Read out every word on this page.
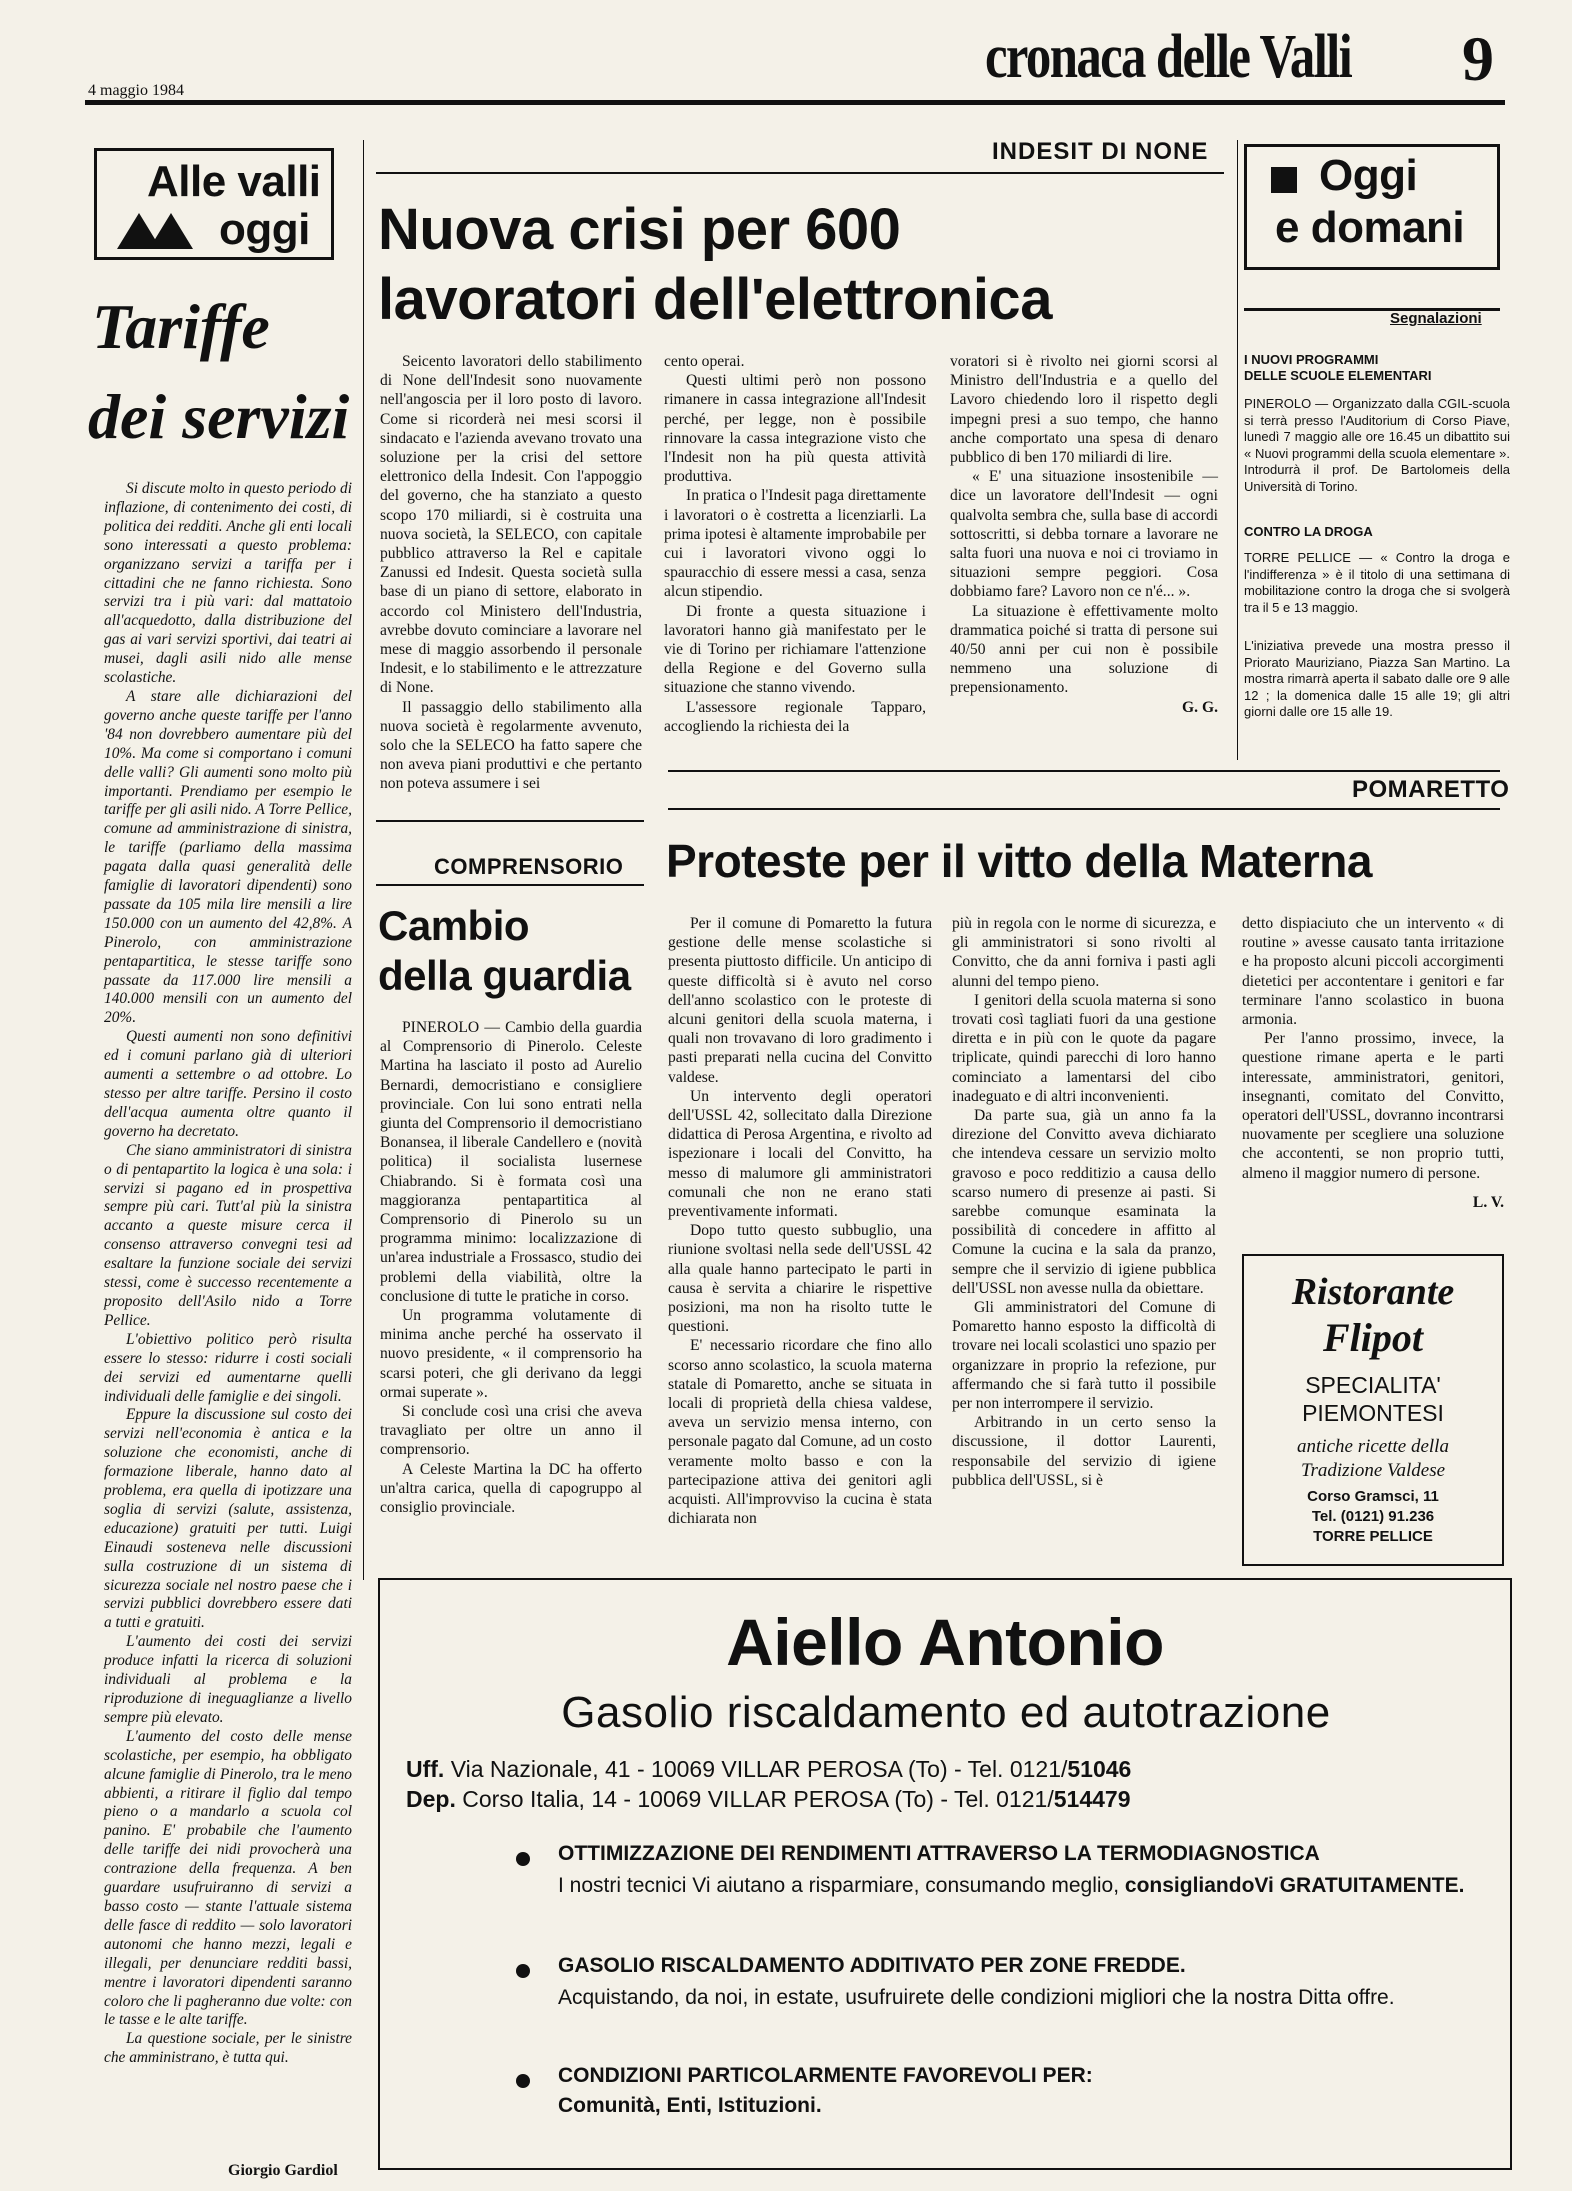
4 maggio 1984	cronaca delle Valli 9
Alle valli
oggi
Tariffe
dei servizi

Si discute molto in questo periodo di inflazione, di contenimento dei costi, di politica dei redditi. Anche gli enti locali sono interessati a questo problema: organizzano servizi a tariffa per i cittadini che ne fanno richiesta. Sono servizi tra i più vari: dal mattatoio all'acquedotto, dalla distribuzione del gas ai vari servizi sportivi, dai teatri ai musei, dagli asili nido alle mense scolastiche.

A stare alle dichiarazioni del governo anche queste tariffe per l'anno '84 non dovrebbero aumentare più del 10%. Ma come si comportano i comuni delle valli? Gli aumenti sono molto più importanti. Prendiamo per esempio le tariffe per gli asili nido. A Torre Pellice, comune ad amministrazione di sinistra, le tariffe (parliamo della massima pagata dalla quasi generalità delle famiglie di lavoratori dipendenti) sono passate da 105 mila lire mensili a lire 150.000 con un aumento del 42,8%. A Pinerolo, con amministrazione pentapartitica, le stesse tariffe sono passate da 117.000 lire mensili a 140.000 mensili con un aumento del 20%.

Questi aumenti non sono definitivi ed i comuni parlano già di ulteriori aumenti a settembre o ad ottobre. Lo stesso per altre tariffe. Persino il costo dell'acqua aumenta oltre quanto il governo ha decretato.

Che siano amministratori di sinistra o di pentapartito la logica è una sola: i servizi si pagano ed in prospettiva sempre più cari. Tutt'al più la sinistra accanto a queste misure cerca il consenso attraverso convegni tesi ad esaltare la funzione sociale dei servizi stessi, come è successo recentemente a proposito dell'Asilo nido a Torre Pellice.

L'obiettivo politico però risulta essere lo stesso: ridurre i costi sociali dei servizi ed aumentarne quelli individuali delle famiglie e dei singoli.

Eppure la discussione sul costo dei servizi nell'economia è antica e la soluzione che economisti, anche di formazione liberale, hanno dato al problema, era quella di ipotizzare una soglia di servizi (salute, assistenza, educazione) gratuiti per tutti. Luigi Einaudi sosteneva nelle discussioni sulla costruzione di un sistema di sicurezza sociale nel nostro paese che i servizi pubblici dovrebbero essere dati a tutti e gratuiti.

L'aumento dei costi dei servizi produce infatti la ricerca di soluzioni individuali al problema e la riproduzione di ineguaglianze a livello sempre più elevato.

L'aumento del costo delle mense scolastiche, per esempio, ha obbligato alcune famiglie di Pinerolo, tra le meno abbienti, a ritirare il figlio dal tempo pieno o a mandarlo a scuola col panino. E' probabile che l'aumento delle tariffe dei nidi provocherà una contrazione della frequenza. A ben guardare usufruiranno di servizi a basso costo — stante l'attuale sistema delle fasce di reddito — solo lavoratori autonomi che hanno mezzi, legali e illegali, per denunciare redditi bassi, mentre i lavoratori dipendenti saranno coloro che li pagheranno due volte: con le tasse e le alte tariffe.

La questione sociale, per le sinistre che amministrano, è tutta qui.

Giorgio Gardiol
INDESIT DI NONE
Nuova crisi per 600
lavoratori dell'elettronica

Seicento lavoratori dello stabilimento di None dell'Indesit sono nuovamente nell'angoscia per il loro posto di lavoro. Come si ricorderà nei mesi scorsi il sindacato e l'azienda avevano trovato una soluzione per la crisi del settore elettronico della Indesit. Con l'appoggio del governo, che ha stanziato a questo scopo 170 miliardi, si è costruita una nuova società, la SELECO, con capitale pubblico attraverso la Rel e capitale Zanussi ed Indesit. Questa società sulla base di un piano di settore, elaborato in accordo col Ministero dell'Industria, avrebbe dovuto cominciare a lavorare nel mese di maggio assorbendo il personale Indesit, e lo stabilimento e le attrezzature di None.

Il passaggio dello stabilimento alla nuova società è regolarmente avvenuto, solo che la SELECO ha fatto sapere che non aveva piani produttivi e che pertanto non poteva assumere i sei

cento operai.

Questi ultimi però non possono rimanere in cassa integrazione all'Indesit perché, per legge, non è possibile rinnovare la cassa integrazione visto che l'Indesit non ha più questa attività produttiva.

In pratica o l'Indesit paga direttamente i lavoratori o è costretta a licenziarli. La prima ipotesi è altamente improbabile per cui i lavoratori vivono oggi lo spauracchio di essere messi a casa, senza alcun stipendio.

Di fronte a questa situazione i lavoratori hanno già manifestato per le vie di Torino per richiamare l'attenzione della Regione e del Governo sulla situazione che stanno vivendo.

L'assessore regionale Tapparo, accogliendo la richiesta dei la

voratori si è rivolto nei giorni scorsi al Ministro dell'Industria e a quello del Lavoro chiedendo loro il rispetto degli impegni presi a suo tempo, che hanno anche comportato una spesa di denaro pubblico di ben 170 miliardi di lire.

« E' una situazione insostenibile — dice un lavoratore dell'Indesit — ogni qualvolta sembra che, sulla base di accordi sottoscritti, si debba tornare a lavorare ne salta fuori una nuova e noi ci troviamo in situazioni sempre peggiori. Cosa dobbiamo fare? Lavoro non ce n'é... ».

La situazione è effettivamente molto drammatica poiché si tratta di persone sui 40/50 anni per cui non è possibile nemmeno una soluzione di prepensionamento.

G. G.
Oggi
e domani
Segnalazioni
I NUOVI PROGRAMMI
DELLE SCUOLE ELEMENTARI
PINEROLO — Organizzato dalla CGIL-scuola si terrà presso l'Auditorium di Corso Piave, lunedì 7 maggio alle ore 16.45 un dibattito sui « Nuovi programmi della scuola elementare ». Introdurrà il prof. De Bartolomeis della Università di Torino.
CONTRO LA DROGA
TORRE PELLICE — « Contro la droga e l'indifferenza » è il titolo di una settimana di mobilitazione contro la droga che si svolgerà tra il 5 e 13 maggio.
L'iniziativa prevede una mostra presso il Priorato Mauriziano, Piazza San Martino. La mostra rimarrà aperta il sabato dalle ore 9 alle 12 ; la domenica dalle 15 alle 19; gli altri giorni dalle ore 15 alle 19.
POMARETTO
COMPRENSORIO
Cambio
della guardia

PINEROLO — Cambio della guardia al Comprensorio di Pinerolo. Celeste Martina ha lasciato il posto ad Aurelio Bernardi, democristiano e consigliere provinciale. Con lui sono entrati nella giunta del Comprensorio il democristiano Bonansea, il liberale Candellero e (novità politica) il socialista lusernese Chiabrando. Si è formata così una maggioranza pentapartitica al Comprensorio di Pinerolo su un programma minimo: localizzazione di un'area industriale a Frossasco, studio dei problemi della viabilità, oltre la conclusione di tutte le pratiche in corso.

Un programma volutamente di minima anche perché ha osservato il nuovo presidente, « il comprensorio ha scarsi poteri, che gli derivano da leggi ormai superate ».

Si conclude così una crisi che aveva travagliato per oltre un anno il comprensorio.

A Celeste Martina la DC ha offerto un'altra carica, quella di capogruppo al consiglio provinciale.

Proteste per il vitto della Materna

Per il comune di Pomaretto la futura gestione delle mense scolastiche si presenta piuttosto difficile. Un anticipo di queste difficoltà si è avuto nel corso dell'anno scolastico con le proteste di alcuni genitori della scuola materna, i quali non trovavano di loro gradimento i pasti preparati nella cucina del Convitto valdese.

Un intervento degli operatori dell'USSL 42, sollecitato dalla Direzione didattica di Perosa Argentina, e rivolto ad ispezionare i locali del Convitto, ha messo di malumore gli amministratori comunali che non ne erano stati preventivamente informati.

Dopo tutto questo subbuglio, una riunione svoltasi nella sede dell'USSL 42 alla quale hanno partecipato le parti in causa è servita a chiarire le rispettive posizioni, ma non ha risolto tutte le questioni.

E' necessario ricordare che fino allo scorso anno scolastico, la scuola materna statale di Pomaretto, anche se situata in locali di proprietà della chiesa valdese, aveva un servizio mensa interno, con personale pagato dal Comune, ad un costo veramente molto basso e con la partecipazione attiva dei genitori agli acquisti. All'improvviso la cucina è stata dichiarata non

più in regola con le norme di sicurezza, e gli amministratori si sono rivolti al Convitto, che da anni forniva i pasti agli alunni del tempo pieno.

I genitori della scuola materna si sono trovati così tagliati fuori da una gestione diretta e in più con le quote da pagare triplicate, quindi parecchi di loro hanno cominciato a lamentarsi del cibo inadeguato e di altri inconvenienti.

Da parte sua, già un anno fa la direzione del Convitto aveva dichiarato che intendeva cessare un servizio molto gravoso e poco redditizio a causa dello scarso numero di presenze ai pasti. Si sarebbe comunque esaminata la possibilità di concedere in affitto al Comune la cucina e la sala da pranzo, sempre che il servizio di igiene pubblica dell'USSL non avesse nulla da obiettare.

Gli amministratori del Comune di Pomaretto hanno esposto la difficoltà di trovare nei locali scolastici uno spazio per organizzare in proprio la refezione, pur affermando che si farà tutto il possibile per non interrompere il servizio.

Arbitrando in un certo senso la discussione, il dottor Laurenti, responsabile del servizio di igiene pubblica dell'USSL, si è

detto dispiaciuto che un intervento « di routine » avesse causato tanta irritazione e ha proposto alcuni piccoli accorgimenti dietetici per accontentare i genitori e far terminare l'anno scolastico in buona armonia.

Per l'anno prossimo, invece, la questione rimane aperta e le parti interessate, amministratori, genitori, insegnanti, comitato del Convitto, operatori dell'USSL, dovranno incontrarsi nuovamente per scegliere una soluzione che accontenti, se non proprio tutti, almeno il maggior numero di persone.

L. V.
Ristorante
Flipot
SPECIALITA'
PIEMONTESI
antiche ricette della
Tradizione Valdese
Corso Gramsci, 11
Tel. (0121) 91.236
TORRE PELLICE
Aiello Antonio
Gasolio riscaldamento ed autotrazione
Uff. Via Nazionale, 41 - 10069 VILLAR PEROSA (To) - Tel. 0121/51046
Dep. Corso Italia, 14 - 10069 VILLAR PEROSA (To) - Tel. 0121/514479
OTTIMIZZAZIONE DEI RENDIMENTI ATTRAVERSO LA TERMODIAGNOSTICA
I nostri tecnici Vi aiutano a risparmiare, consumando meglio, consigliandoVi GRATUITAMENTE.
GASOLIO RISCALDAMENTO ADDITIVATO PER ZONE FREDDE.
Acquistando, da noi, in estate, usufruirete delle condizioni migliori che la nostra Ditta offre.
CONDIZIONI PARTICOLARMENTE FAVOREVOLI PER:
Comunità, Enti, Istituzioni.
